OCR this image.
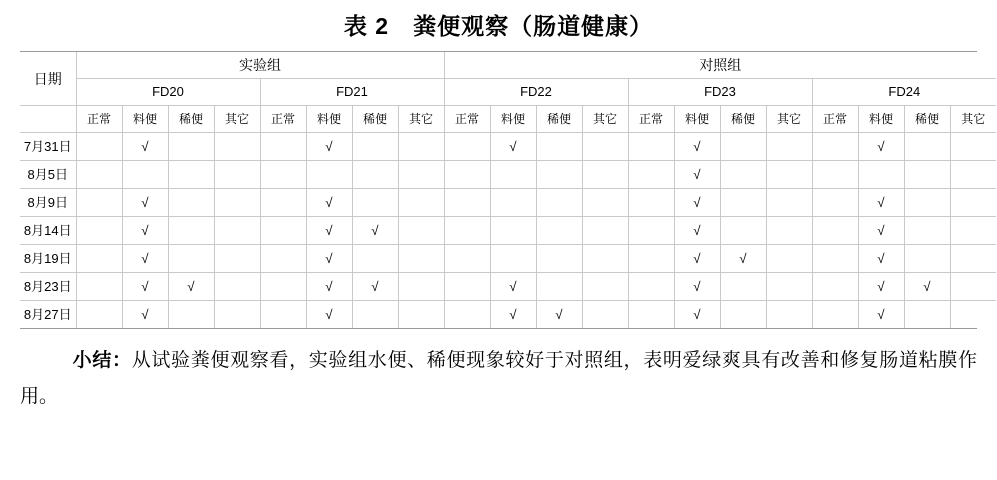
表 2　粪便观察（肠道健康）
日期	实验组								对照组											
	FD20				FD21				FD22				FD23				FD24			
	正常	料便	稀便	其它	正常	料便	稀便	其它	正常	料便	稀便	其它	正常	料便	稀便	其它	正常	料便	稀便	其它
7月31日		√				√				√				√				√		
8月5日														√						
8月9日		√				√								√				√		
8月14日		√				√	√							√				√		
8月19日		√				√								√	√			√		
8月23日		√	√			√	√			√				√				√	√	
8月27日		√				√				√	√			√				√		

小结：从试验粪便观察看，实验组水便、稀便现象较好于对照组，表明爱绿爽具有改善和修复肠道粘膜作用。
